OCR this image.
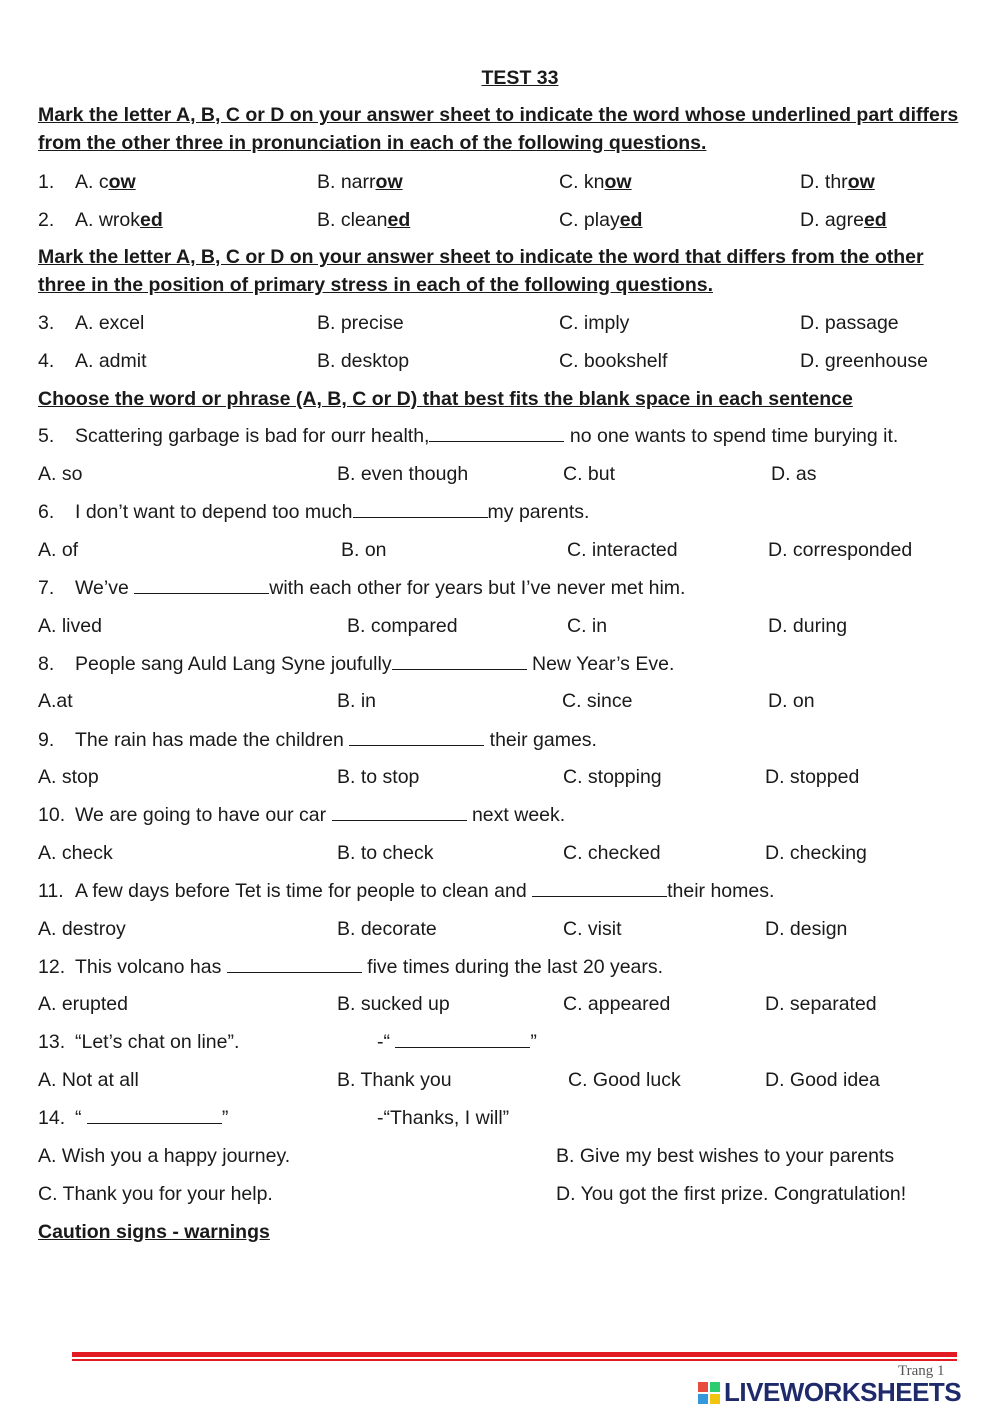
TEST 33
Mark the letter A, B, C or D on your answer sheet to indicate the word whose underlined part differs
from the other three in pronunciation in each of the following questions.
1. A. cow	B. narrow	C. know	D. throw
2. A. wroked	B. cleaned	C. played	D. agreed
Mark the letter A, B, C or D on your answer sheet to indicate the word that differs from the other
three in the position of primary stress in each of the following questions.
3. A. excel	B. precise	C. imply	D. passage
4. A. admit	B. desktop	C. bookshelf	D. greenhouse
Choose the word or phrase (A, B, C or D) that best fits the blank space in each sentence
5. Scattering garbage is bad for ourr health,	no one wants to spend time burying it.
A. so	B. even though	C. but	D. as
6. I don’t want to depend too much	my parents.
A. of	B. on	C. interacted	D. corresponded
7. We’ve	with each other for years but I’ve never met him.
A. lived	B. compared	C. in	D. during
8. People sang Auld Lang Syne joufully	New Year’s Eve.
A.at	B. in	C. since	D. on
9. The rain has made the children	their games.
A. stop	B. to stop	C. stopping	D. stopped
10. We are going to have our car	next week.
A. check	B. to check	C. checked	D. checking
11. A few days before Tet is time for people to clean and	their homes.
A. destroy	B. decorate	C. visit	D. design
12. This volcano has	five times during the last 20 years.
A. erupted	B. sucked up	C. appeared	D. separated
13. “Let’s chat on line”.	-“	”
A. Not at all	B. Thank you	C. Good luck	D. Good idea
14. “	”	-“Thanks, I will”
A. Wish you a happy journey.	B. Give my best wishes to your parents
C. Thank you for your help.	D. You got the first prize. Congratulation!
Caution signs - warnings
Trang 1
LIVEWORKSHEETS
